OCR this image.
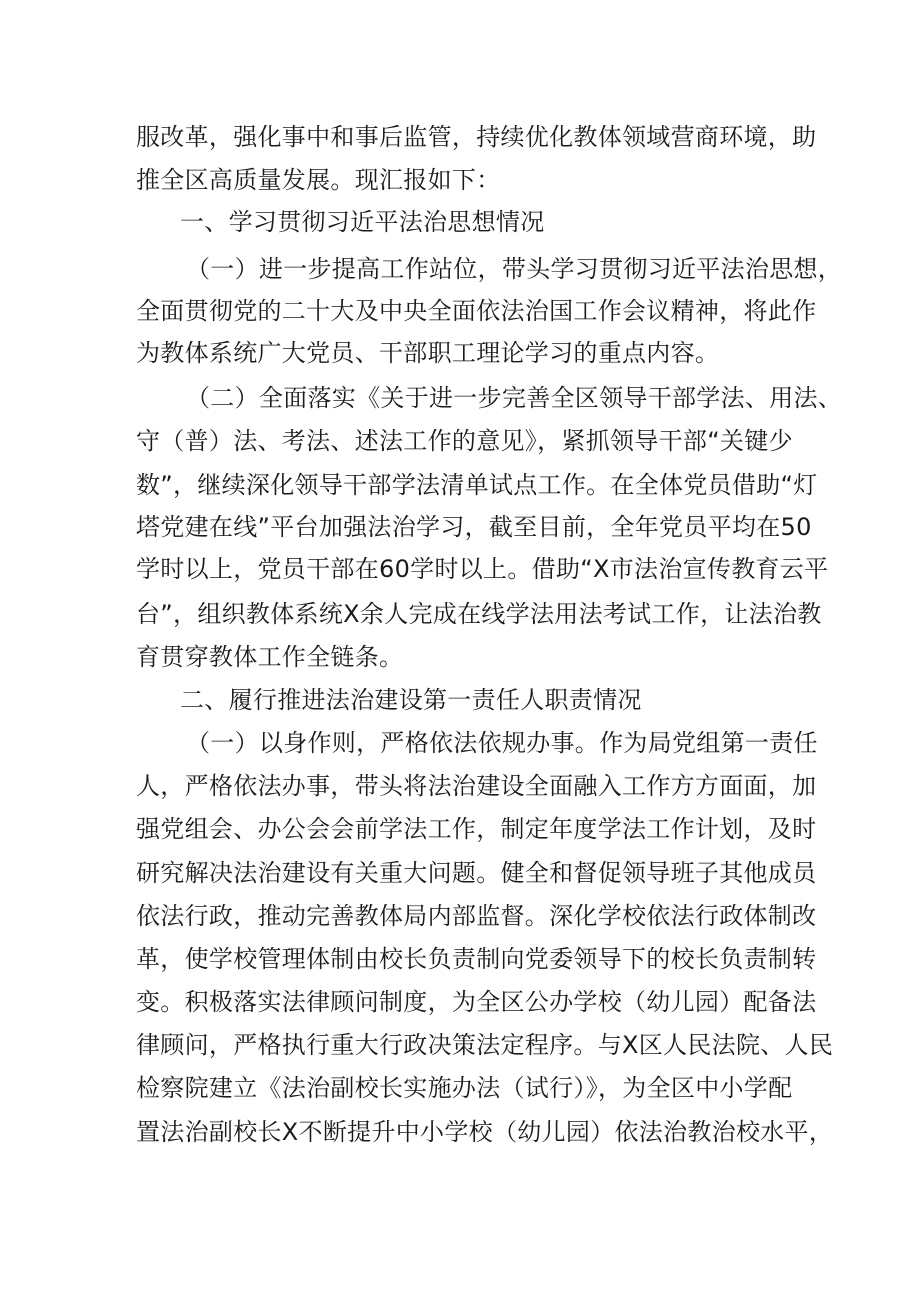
服改革，强化事中和事后监管，持续优化教体领域营商环境，助
推全区高质量发展。现汇报如下：
一、学习贯彻习近平法治思想情况
（一）进一步提高工作站位，带头学习贯彻习近平法治思想，
全面贯彻党的二十大及中央全面依法治国工作会议精神，将此作
为教体系统广大党员、干部职工理论学习的重点内容。
（二）全面落实《关于进一步完善全区领导干部学法、用法、
守（普）法、考法、述法工作的意见》，紧抓领导干部“关键少
数”，继续深化领导干部学法清单试点工作。在全体党员借助“灯
塔党建在线”平台加强法治学习，截至目前，全年党员平均在50
学时以上，党员干部在60学时以上。借助“X市法治宣传教育云平
台”，组织教体系统X余人完成在线学法用法考试工作，让法治教
育贯穿教体工作全链条。
二、履行推进法治建设第一责任人职责情况
（一）以身作则，严格依法依规办事。作为局党组第一责任
人，严格依法办事，带头将法治建设全面融入工作方方面面，加
强党组会、办公会会前学法工作，制定年度学法工作计划，及时
研究解决法治建设有关重大问题。健全和督促领导班子其他成员
依法行政，推动完善教体局内部监督。深化学校依法行政体制改
革，使学校管理体制由校长负责制向党委领导下的校长负责制转
变。积极落实法律顾问制度，为全区公办学校（幼儿园）配备法
律顾问，严格执行重大行政决策法定程序。与X区人民法院、人民
检察院建立《法治副校长实施办法（试行）》，为全区中小学配
置法治副校长X不断提升中小学校（幼儿园）依法治教治校水平，
